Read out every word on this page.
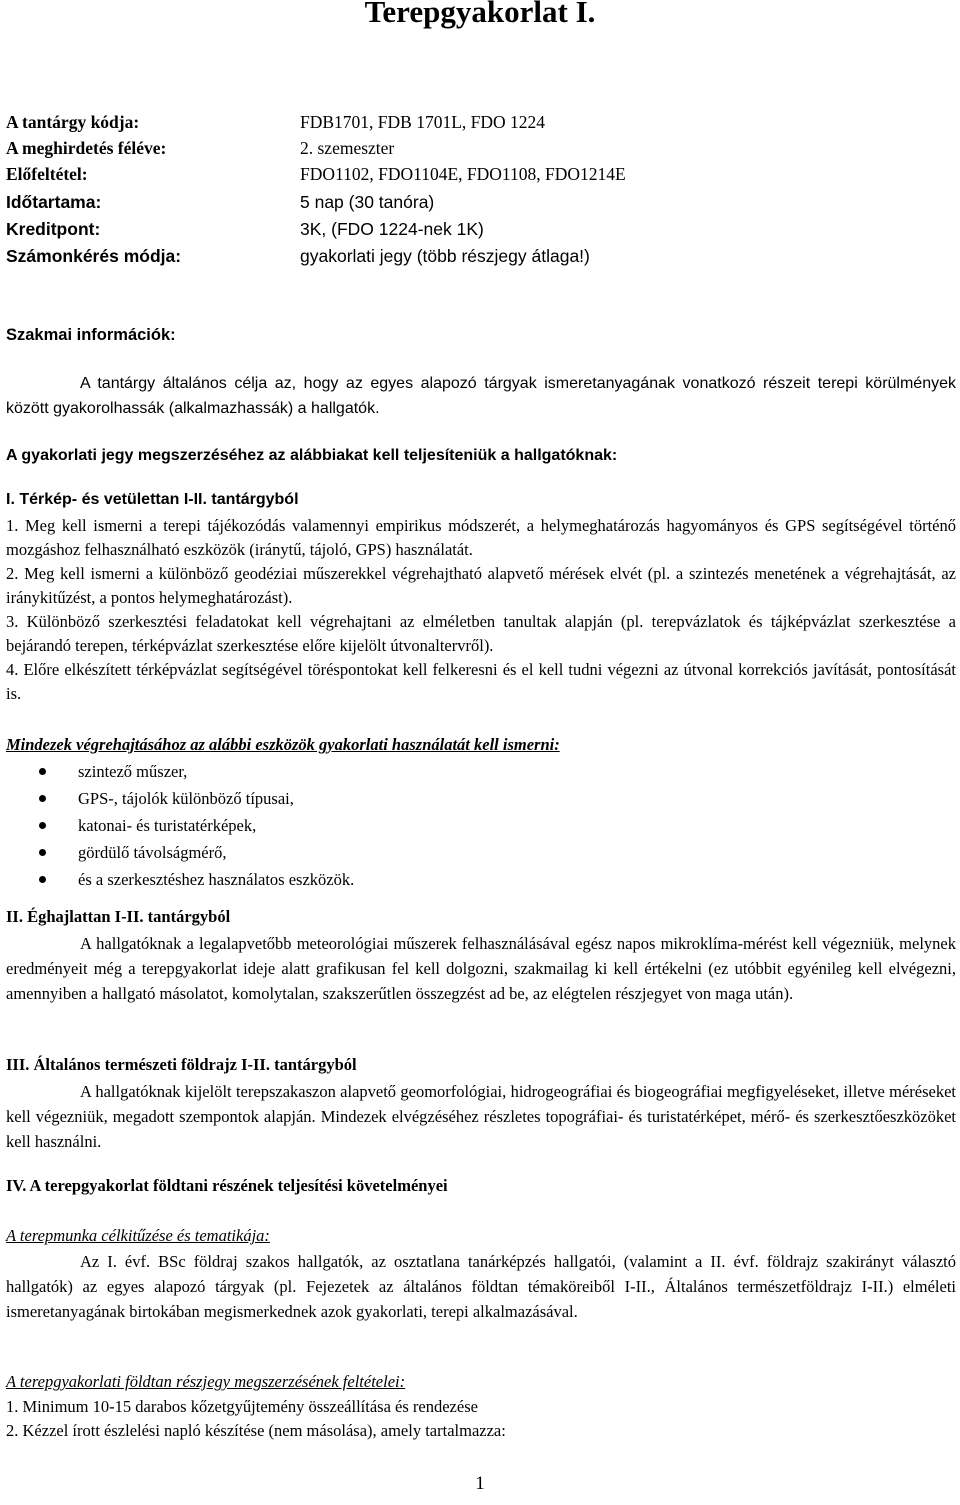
Terepgyakorlat I.
A tantárgy kódja:	FDB1701, FDB 1701L, FDO 1224
A meghirdetés féléve:	2. szemeszter
Előfeltétel:	FDO1102, FDO1104E, FDO1108, FDO1214E
Időtartama:	5 nap (30 tanóra)
Kreditpont:	3K, (FDO 1224-nek 1K)
Számonkérés módja:	gyakorlati jegy (több részjegy átlaga!)
Szakmai információk:
A tantárgy általános célja az, hogy az egyes alapozó tárgyak ismeretanyagának vonatkozó részeit terepi körülmények között gyakorolhassák (alkalmazhassák) a hallgatók.
A gyakorlati jegy megszerzéséhez az alábbiakat kell teljesíteniük a hallgatóknak:
I. Térkép- és vetülettan I-II. tantárgyból
1. Meg kell ismerni a terepi tájékozódás valamennyi empirikus módszerét, a helymeghatározás hagyományos és GPS segítségével történő mozgáshoz felhasználható eszközök (iránytű, tájoló, GPS) használatát.
2. Meg kell ismerni a különböző geodéziai műszerekkel végrehajtható alapvető mérések elvét (pl. a szintezés menetének a végrehajtását, az iránykitűzést, a pontos helymeghatározást).
3. Különböző szerkesztési feladatokat kell végrehajtani az elméletben tanultak alapján (pl. terepvázlatok és tájképvázlat szerkesztése a bejárandó terepen, térképvázlat szerkesztése előre kijelölt útvonaltervről).
4. Előre elkészített térképvázlat segítségével töréspontokat kell felkeresni és el kell tudni végezni az útvonal korrekciós javítását, pontosítását is.
Mindezek végrehajtásához az alábbi eszközök gyakorlati használatát kell ismerni:
szintező műszer,
GPS-, tájolók különböző típusai,
katonai- és turistatérképek,
gördülő távolságmérő,
és a szerkesztéshez használatos eszközök.
II. Éghajlattan I-II. tantárgyból
A hallgatóknak a legalapvetőbb meteorológiai műszerek felhasználásával egész napos mikroklíma-mérést kell végezniük, melynek eredményeit még a terepgyakorlat ideje alatt grafikusan fel kell dolgozni, szakmailag ki kell értékelni (ez utóbbit egyénileg kell elvégezni, amennyiben a hallgató másolatot, komolytalan, szakszerűtlen összegzést ad be, az elégtelen részjegyet von maga után).
III. Általános természeti földrajz I-II. tantárgyból
A hallgatóknak kijelölt terepszakaszon alapvető geomorfológiai, hidrogeográfiai és biogeográfiai megfigyeléseket, illetve méréseket kell végezniük, megadott szempontok alapján. Mindezek elvégzéséhez részletes topográfiai- és turistatérképet, mérő- és szerkesztőeszközöket kell használni.
IV. A terepgyakorlat földtani részének teljesítési követelményei
A terepmunka célkitűzése és tematikája:
Az I. évf. BSc földraj szakos hallgatók, az osztatlana tanárképzés hallgatói, (valamint a II. évf. földrajz szakirányt választó hallgatók) az egyes alapozó tárgyak (pl. Fejezetek az általános földtan témaköreiből I-II., Általános természetföldrajz I-II.) elméleti ismeretanyagának birtokában megismerkednek azok gyakorlati, terepi alkalmazásával.
A terepgyakorlati földtan részjegy megszerzésének feltételei:
1. Minimum 10-15 darabos kőzetgyűjtemény összeállítása és rendezése
2. Kézzel írott észlelési napló készítése (nem másolása), amely tartalmazza:
1
